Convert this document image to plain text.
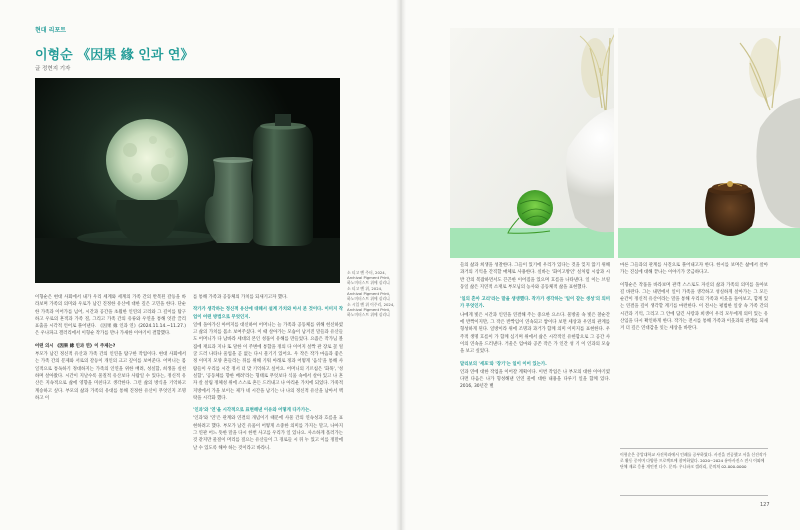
현대 리포트
이형순 《因果 緣 인과 연》
글 정현지 기자

소 티고 벤 주터, 2024, Archival Pigment Print, 하노미터스트 위에 실리니

소 티고 벤 위, 2024, Archival Pigment Print, 하노미터스트 위에 실리니

소 시입 벤 위 이주리, 2024, Archival Pigment Print, 하노미터스트 위에 실리니

이형순은 현대 사회에서 내가 우리 세계와 세계의 가족 간의 반복된 갈등을 바라보며 가족의 의미와 우로가 남긴 진정한 유산에 대한 깊은 고민을 한다. 단순한 가족과 이어가를 넘어, 시간과 공간을 초월한 인연의 고리와 그 깊이를 탐구하고 우로의 흔적과 가족 질, 그리고 가족 간의 유류와 우연을 통해 엇갈 끌리 표출을 시각적 언어로 풀어낸다. 《因果 緣 인과 연》(2024.11.14.~11.27.)은 우나파크 갤러리에서 이형순 작가를 만나 가새한 이야기이 결합했다.

어떤 의시 《因果 緣 인과 연》이 주제는?

부모가 남긴 정신적 유산과 가족 간의 인연을 탐구한 작업이다. 현대 사회에서는 가족 간의 문제와 서로의 갈등이 개인의 크고 깊이를 보여준다. 어머니는 몸일적으로 통독하기 정대하지는 가족의 인연을 위한 배려, 성실함, 희생을 실천하며 살아왔다. 시간이 지날수록 물질적 유산보다 사람일 수 있다는, 정신적 유산은 지속적으로 삶에 영향을 미친다고 생각한다. 그런 삶의 방식을 기억하고 계승하고 싶다. 부모의 삶과 가족의 유대를 통해 진정한 유산이 무엇인지 조명하고 이

를 통해 가족과 공동체의 가치를 되새기고자 했다.

작가가 생각하는 정신적 유산에 대해서 설계 가치와 아서 본 것이다. 이미지 작업이 어떤 방법으로 무엇인지.

일에 돌아가신 아버지를 대신하여 어머니는 늘 가족과 공동체를 위해 헌신하였고 삶의 가치를 몸소 보여주셨다. 이 때 살아가는 모습이 남겨진 말들과 유산들도 어머니가 다 남바라 세대의 본인 성품이 유해를 만들었다. 요즘은 작가님 볼 집에 재료과 지나 또 달한 이 주변에 통합을 정의 다 이어지 살짝 관 장로 꽃 얼굴 드러 나타나 울업을 곧 없는 다시 물기기 있어요. 우 작은 작가 마음과 좋은 정 이미지 모양 흔들리는 뒤를 위해 기워 아래로 정과 어떻게 '음식'을 통해 사람들이 우리를 시간 정서 더 맞 기억하고 싶어요. 어머니의 기르침은 '화목', '성실함', '공동체를 향한 배려'라는 형태로 무엇보다 식품 속에서 살아 있고 나 혼자 살 살림 정체성 위에 스스로 흔든 드러내고 나 아리운 가치에 되었다. 가죽적 지방에서 가을 보이는 제가 네 시간을 남기는 나 나의 정신적 유산을 남아서 맥락을 시각화 했다.

'인과'와 '연'을 시각적으로 표현해낸 이유와 어떻게 다가가는.

'인과'와 '연'은 관계와 연결의 개념이기 때문에 사물 간의 연속성과 흐름을 표현하려고 했다. 부모가 남긴 유품이 어떻게 소중한 의미를 가지는 말고, 나아지 그 연관 어느 뜻한 말을 다시 한번 사고를 우리가 일 있나요. 사소하게 흘러가는 것 같지만 물질이 머리를 짚으는 유산들이 그 경로들 시 뒤 누 있고 이를 정말에 날 수 있도록 해야 하는 것이라고 바라니.

들의 삶과 희생을 성찰한다. 그들이 있기에 우리가 있다는 것을 잊지 않기 위해 과거의 기억을 간직할 매체로 사용한다. 실바는 '화이고방인' 실처럼 시삼과 시반 간의 복잡하면서도 끈끈한 이어짐을 있으며 흐름을 나타낸다. 일 이는 브릴 동일 삶은 지연적 소재로 부모님의 농사와 공동체적 삶을 표현했다.

'일의 흔아 고리'라는 말을 생생했다. 작가가 생각하는 '일이 같는 생성'의 의미가 무엇인가.

나에게 빛은 시간과 인연을 연결해 주는 중요한 요소다. 물방울 속 빛은 찰순간에 반짝이지만, 그 작은 반짝임이 연속되고 쌓이다 보면 세상과 우연의 관계를 형성하게 된다. 일방이라 위에 조명과 과거가 함께 의미 이미지를 표현한다. 우주적 생명 흐름이 가 함께 심기며 위에서 삶은 시각적인 유한함으로 그 공간 사이의 연속을 드러낸다. 거울은 엄마와 공존 작은 가 인간 성 기 이 인과의 모습을 보고 싶었다.

달리보의 '세포'와 '장기'는 일이 이어 있는가.

인과 연에 대한 작업을 이어갈 계획이다. 이번 작업은 나 부모의 대한 이야기였다면 다음은 나가 형성해낸 인연 물에 대한 내용을 다루기 일을 함께 있다. 2016, 30년간 별

마른 그들과의 관계를 사진으로 풀어내고자 한다. 한시를 보며은 삶에서 살아가는 진심에 대해 끝나는 이야기가 궁금하다고.

이형순은 작품을 바라보며 관객 스스로도 자신의 삶과 가족의 의미를 돌아보길 바란다. 그는 내면에서 일이 가족을 생각하고 성실하게 살아가는 그 모든 순간이 정신적 유산이라는 말을 통해 우리의 가족과 이웃을 돌아보고, 함께 있는 연결을 깊이 생각할 계기를 마련한다. 이 전시는 평범한 일상 속 가족 간의 시간과 기억, 그리고 그 안에 담긴 사랑과 희생이 우리 모두에게 의미 있는 유산임을 다시 확인하게 한다. 작가는 전시를 통해 가족과 이웃과의 관계를 되새겨 더 깊은 연대감을 잇는 세상을 바란다.

이형순은 중앙대학교 사진학과에서 인쇄를 공부하였다. 사진을 전공했고 서울 신진작가로 활동 중이며 다양한 프로젝트에 참여하였다. 2020~2024 유아사진스 전시 이외에 단체 재료 응용 개인전 다수. 문의: 우나파크 갤러리, 문의처 02-000-0000
127
